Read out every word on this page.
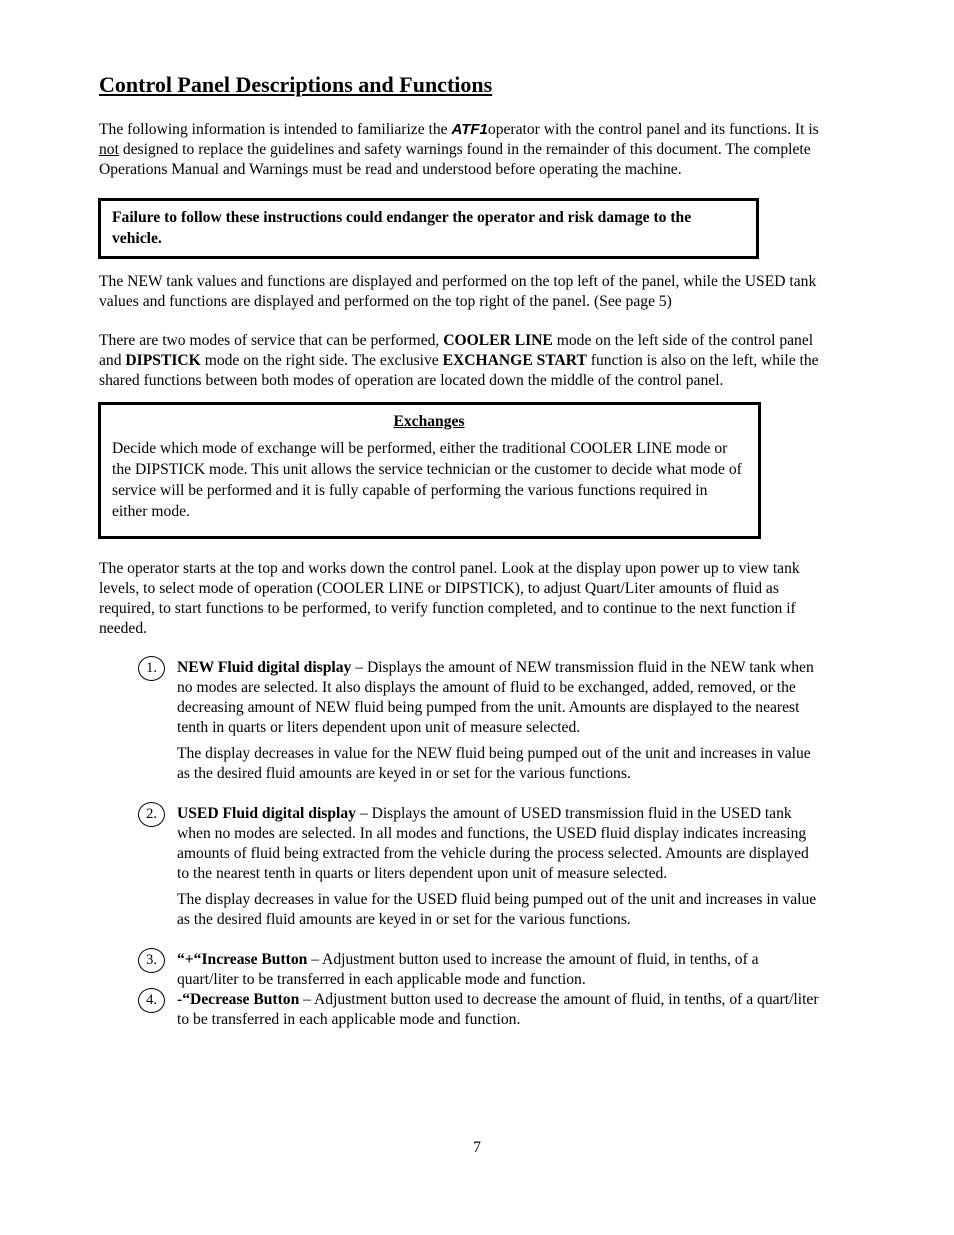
Control Panel Descriptions and Functions

The following information is intended to familiarize the ATF1operator with the control panel and its functions. It is not designed to replace the guidelines and safety warnings found in the remainder of this document. The complete Operations Manual and Warnings must be read and understood before operating the machine.

Failure to follow these instructions could endanger the operator and risk damage to the vehicle.

The NEW tank values and functions are displayed and performed on the top left of the panel, while the USED tank values and functions are displayed and performed on the top right of the panel. (See page 5)

There are two modes of service that can be performed, COOLER LINE mode on the left side of the control panel and DIPSTICK mode on the right side. The exclusive EXCHANGE START function is also on the left, while the shared functions between both modes of operation are located down the middle of the control panel.

Exchanges
Decide which mode of exchange will be performed, either the traditional COOLER LINE mode or the DIPSTICK mode. This unit allows the service technician or the customer to decide what mode of service will be performed and it is fully capable of performing the various functions required in either mode.

The operator starts at the top and works down the control panel. Look at the display upon power up to view tank levels, to select mode of operation (COOLER LINE or DIPSTICK), to adjust Quart/Liter amounts of fluid as required, to start functions to be performed, to verify function completed, and to continue to the next function if needed.

1.	NEW Fluid digital display – Displays the amount of NEW transmission fluid in the NEW tank when no modes are selected. It also displays the amount of fluid to be exchanged, added, removed, or the decreasing amount of NEW fluid being pumped from the unit. Amounts are displayed to the nearest tenth in quarts or liters dependent upon unit of measure selected.

The display decreases in value for the NEW fluid being pumped out of the unit and increases in value as the desired fluid amounts are keyed in or set for the various functions.

2.	USED Fluid digital display – Displays the amount of USED transmission fluid in the USED tank when no modes are selected. In all modes and functions, the USED fluid display indicates increasing amounts of fluid being extracted from the vehicle during the process selected. Amounts are displayed to the nearest tenth in quarts or liters dependent upon unit of measure selected.

The display decreases in value for the USED fluid being pumped out of the unit and increases in value as the desired fluid amounts are keyed in or set for the various functions.

3.	“+“Increase Button – Adjustment button used to increase the amount of fluid, in tenths, of a quart/liter to be transferred in each applicable mode and function.

4.	-“Decrease Button – Adjustment button used to decrease the amount of fluid, in tenths, of a quart/liter to be transferred in each applicable mode and function.

7
